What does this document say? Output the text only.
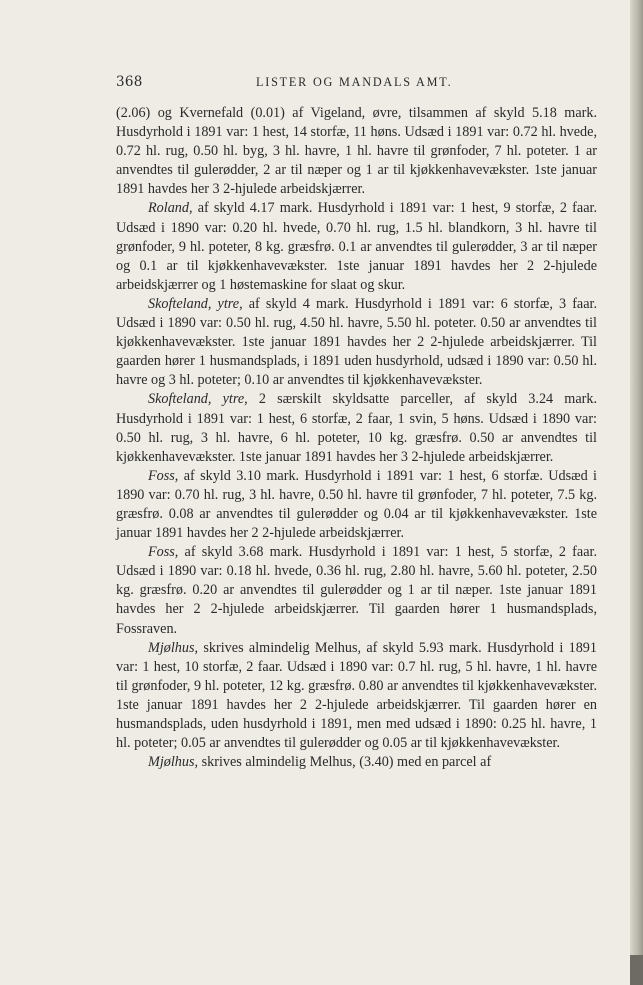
368	LISTER OG MANDALS AMT.

(2.06) og Kvernefald (0.01) af Vigeland, øvre, tilsammen af skyld 5.18 mark. Husdyrhold i 1891 var: 1 hest, 14 storfæ, 11 høns. Udsæd i 1891 var: 0.72 hl. hvede, 0.72 hl. rug, 0.50 hl. byg, 3 hl. havre, 1 hl. havre til grønfoder, 7 hl. poteter. 1 ar anvendtes til gulerødder, 2 ar til næper og 1 ar til kjøkkenhavevækster. 1ste januar 1891 havdes her 3 2-hjulede arbeidskjærrer.

Roland, af skyld 4.17 mark. Husdyrhold i 1891 var: 1 hest, 9 storfæ, 2 faar. Udsæd i 1890 var: 0.20 hl. hvede, 0.70 hl. rug, 1.5 hl. blandkorn, 3 hl. havre til grønfoder, 9 hl. poteter, 8 kg. græsfrø. 0.1 ar anvendtes til gulerødder, 3 ar til næper og 0.1 ar til kjøkkenhavevækster. 1ste januar 1891 havdes her 2 2-hjulede arbeidskjærrer og 1 høstemaskine for slaat og skur.

Skofteland, ytre, af skyld 4 mark. Husdyrhold i 1891 var: 6 storfæ, 3 faar. Udsæd i 1890 var: 0.50 hl. rug, 4.50 hl. havre, 5.50 hl. poteter. 0.50 ar anvendtes til kjøkkenhavevækster. 1ste januar 1891 havdes her 2 2-hjulede arbeidskjærrer. Til gaarden hører 1 husmandsplads, i 1891 uden husdyrhold, udsæd i 1890 var: 0.50 hl. havre og 3 hl. poteter; 0.10 ar anvendtes til kjøkkenhavevækster.

Skofteland, ytre, 2 særskilt skyldsatte parceller, af skyld 3.24 mark. Husdyrhold i 1891 var: 1 hest, 6 storfæ, 2 faar, 1 svin, 5 høns. Udsæd i 1890 var: 0.50 hl. rug, 3 hl. havre, 6 hl. poteter, 10 kg. græsfrø. 0.50 ar anvendtes til kjøkkenhavevækster. 1ste januar 1891 havdes her 3 2-hjulede arbeidskjærrer.

Foss, af skyld 3.10 mark. Husdyrhold i 1891 var: 1 hest, 6 storfæ. Udsæd i 1890 var: 0.70 hl. rug, 3 hl. havre, 0.50 hl. havre til grønfoder, 7 hl. poteter, 7.5 kg. græsfrø. 0.08 ar anvendtes til gulerødder og 0.04 ar til kjøkkenhavevækster. 1ste januar 1891 havdes her 2 2-hjulede arbeidskjærrer.

Foss, af skyld 3.68 mark. Husdyrhold i 1891 var: 1 hest, 5 storfæ, 2 faar. Udsæd i 1890 var: 0.18 hl. hvede, 0.36 hl. rug, 2.80 hl. havre, 5.60 hl. poteter, 2.50 kg. græsfrø. 0.20 ar anvendtes til gulerødder og 1 ar til næper. 1ste januar 1891 havdes her 2 2-hjulede arbeidskjærrer. Til gaarden hører 1 husmandsplads, Fossraven.

Mjølhus, skrives almindelig Melhus, af skyld 5.93 mark. Husdyrhold i 1891 var: 1 hest, 10 storfæ, 2 faar. Udsæd i 1890 var: 0.7 hl. rug, 5 hl. havre, 1 hl. havre til grønfoder, 9 hl. poteter, 12 kg. græsfrø. 0.80 ar anvendtes til kjøkkenhavevækster. 1ste januar 1891 havdes her 2 2-hjulede arbeidskjærrer. Til gaarden hører en husmandsplads, uden husdyrhold i 1891, men med udsæd i 1890: 0.25 hl. havre, 1 hl. poteter; 0.05 ar anvendtes til gulerødder og 0.05 ar til kjøkkenhavevækster.

Mjølhus, skrives almindelig Melhus, (3.40) med en parcel af
